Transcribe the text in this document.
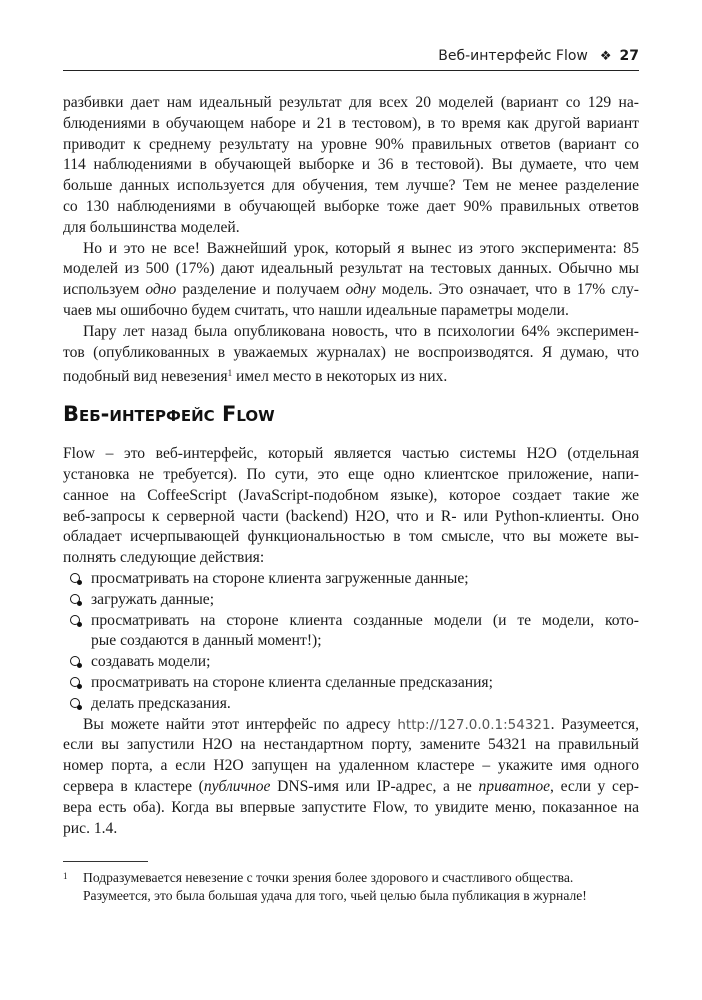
Веб-интерфейс Flow ❖ 27
разбивки дает нам идеальный результат для всех 20 моделей (вариант со 129 на-
блюдениями в обучающем наборе и 21 в тестовом), в то время как другой вариант
приводит к среднему результату на уровне 90% правильных ответов (вариант со
114 наблюдениями в обучающей выборке и 36 в тестовой). Вы думаете, что чем
больше данных используется для обучения, тем лучше? Тем не менее разделение
со 130 наблюдениями в обучающей выборке тоже дает 90% правильных ответов
для большинства моделей.
Но и это не все! Важнейший урок, который я вынес из этого эксперимента: 85
моделей из 500 (17%) дают идеальный результат на тестовых данных. Обычно мы
используем одно разделение и получаем одну модель. Это означает, что в 17% слу-
чаев мы ошибочно будем считать, что нашли идеальные параметры модели.
Пару лет назад была опубликована новость, что в психологии 64% эксперимен-
тов (опубликованных в уважаемых журналах) не воспроизводятся. Я думаю, что
подобный вид невезения$^1$ имел место в некоторых из них.
Веб-интерфейс Flow
Flow – это веб-интерфейс, который является частью системы H2O (отдельная
установка не требуется). По сути, это еще одно клиентское приложение, напи-
санное на CoffeeScript (JavaScript-подобном языке), которое создает такие же
веб-запросы к серверной части (backend) H2O, что и R- или Python-клиенты. Оно
обладает исчерпывающей функциональностью в том смысле, что вы можете вы-
полнять следующие действия:
просматривать на стороне клиента загруженные данные;
загружать данные;
просматривать на стороне клиента созданные модели (и те модели, кото-
рые создаются в данный момент!);
создавать модели;
просматривать на стороне клиента сделанные предсказания;
делать предсказания.
Вы можете найти этот интерфейс по адресу http://127.0.0.1:54321. Разумеется,
если вы запустили H2O на нестандартном порту, замените 54321 на правильный
номер порта, а если H2O запущен на удаленном кластере – укажите имя одного
сервера в кластере (публичное DNS-имя или IP-адрес, а не приватное, если у сер-
вера есть оба). Когда вы впервые запустите Flow, то увидите меню, показанное на
рис. 1.4.
1	Подразумевается невезение с точки зрения более здорового и счастливого общества.
Разумеется, это была большая удача для того, чьей целью была публикация в журнале!
